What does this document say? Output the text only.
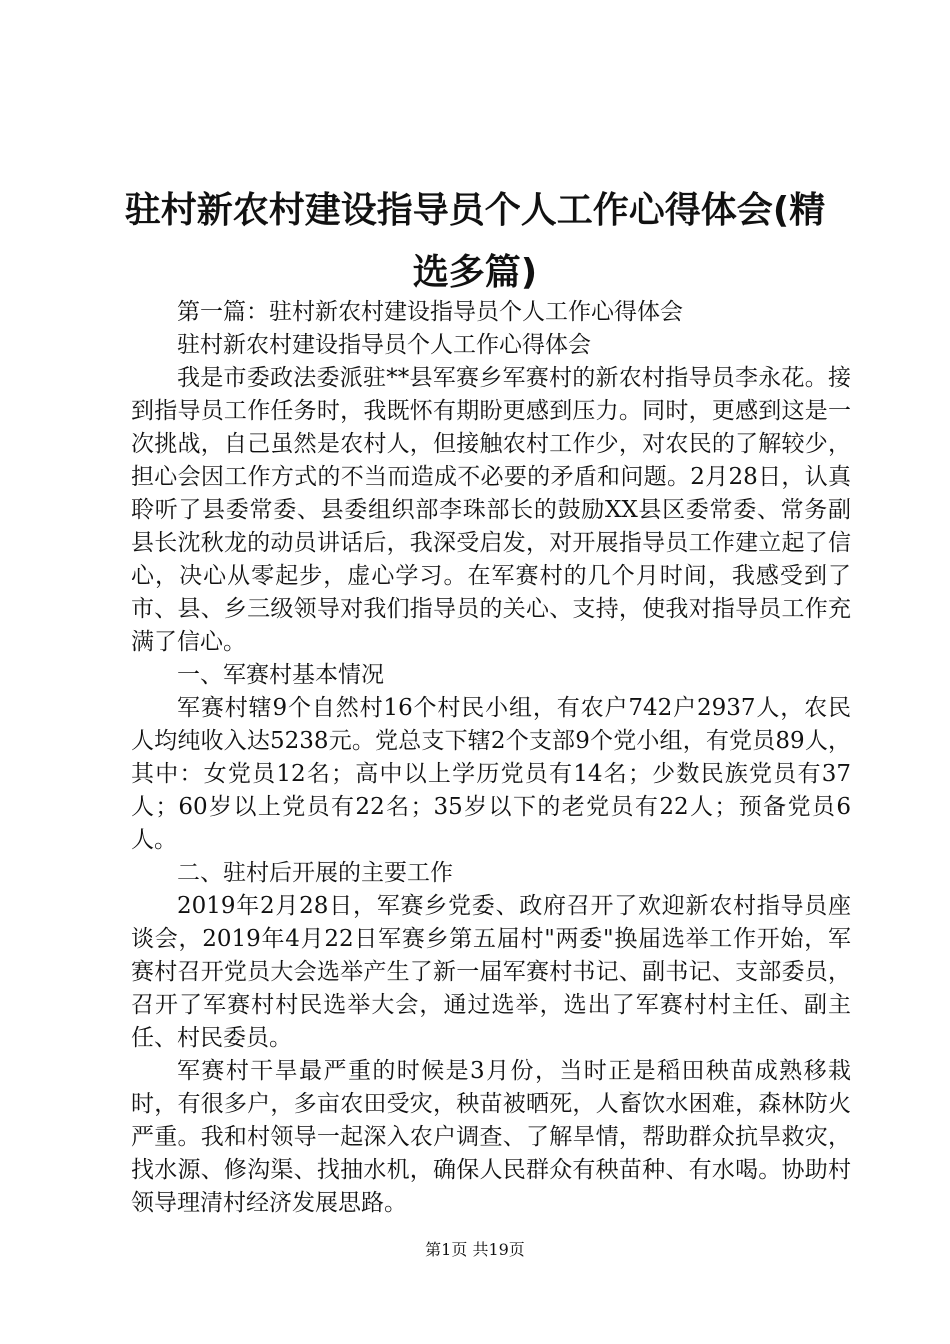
驻村新农村建设指导员个人工作心得体会(精
选多篇)

第一篇：驻村新农村建设指导员个人工作心得体会

驻村新农村建设指导员个人工作心得体会

我是市委政法委派驻**县军赛乡军赛村的新农村指导员李永花。接到指导员工作任务时，我既怀有期盼更感到压力。同时，更感到这是一次挑战，自己虽然是农村人，但接触农村工作少，对农民的了解较少，担心会因工作方式的不当而造成不必要的矛盾和问题。2月28日，认真聆听了县委常委、县委组织部李珠部长的鼓励XX县区委常委、常务副县长沈秋龙的动员讲话后，我深受启发，对开展指导员工作建立起了信心，决心从零起步，虚心学习。在军赛村的几个月时间，我感受到了市、县、乡三级领导对我们指导员的关心、支持，使我对指导员工作充满了信心。

一、军赛村基本情况

军赛村辖9个自然村16个村民小组，有农户742户2937人，农民人均纯收入达5238元。党总支下辖2个支部9个党小组，有党员89人，其中：女党员12名；高中以上学历党员有14名；少数民族党员有37人；60岁以上党员有22名；35岁以下的老党员有22人；预备党员6人。

二、驻村后开展的主要工作

2019年2月28日，军赛乡党委、政府召开了欢迎新农村指导员座谈会，2019年4月22日军赛乡第五届村"两委"换届选举工作开始，军赛村召开党员大会选举产生了新一届军赛村书记、副书记、支部委员，召开了军赛村村民选举大会，通过选举，选出了军赛村村主任、副主任、村民委员。

军赛村干旱最严重的时候是3月份，当时正是稻田秧苗成熟移栽时，有很多户，多亩农田受灾，秧苗被晒死，人畜饮水困难，森林防火严重。我和村领导一起深入农户调查、了解旱情，帮助群众抗旱救灾，找水源、修沟渠、找抽水机，确保人民群众有秧苗种、有水喝。协助村领导理清村经济发展思路。

第1页 共19页
